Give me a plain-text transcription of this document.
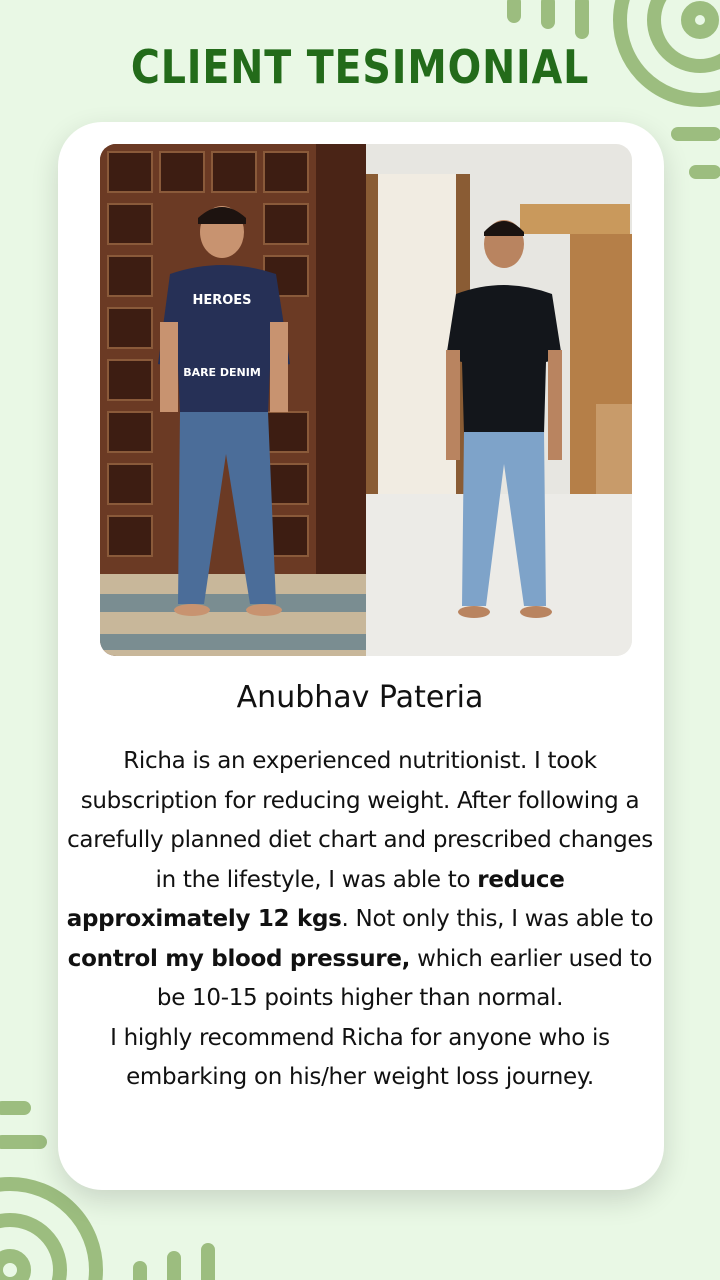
CLIENT TESIMONIAL
HEROES
BARE DENIM
Anubhav Pateria

Richa is an experienced nutritionist. I took subscription for reducing weight. After following a carefully planned diet chart and prescribed changes in the lifestyle, I was able to reduce approximately 12 kgs. Not only this, I was able to control my blood pressure, which earlier used to be 10-15 points higher than normal.

I highly recommend Richa for anyone who is embarking on his/her weight loss journey.
